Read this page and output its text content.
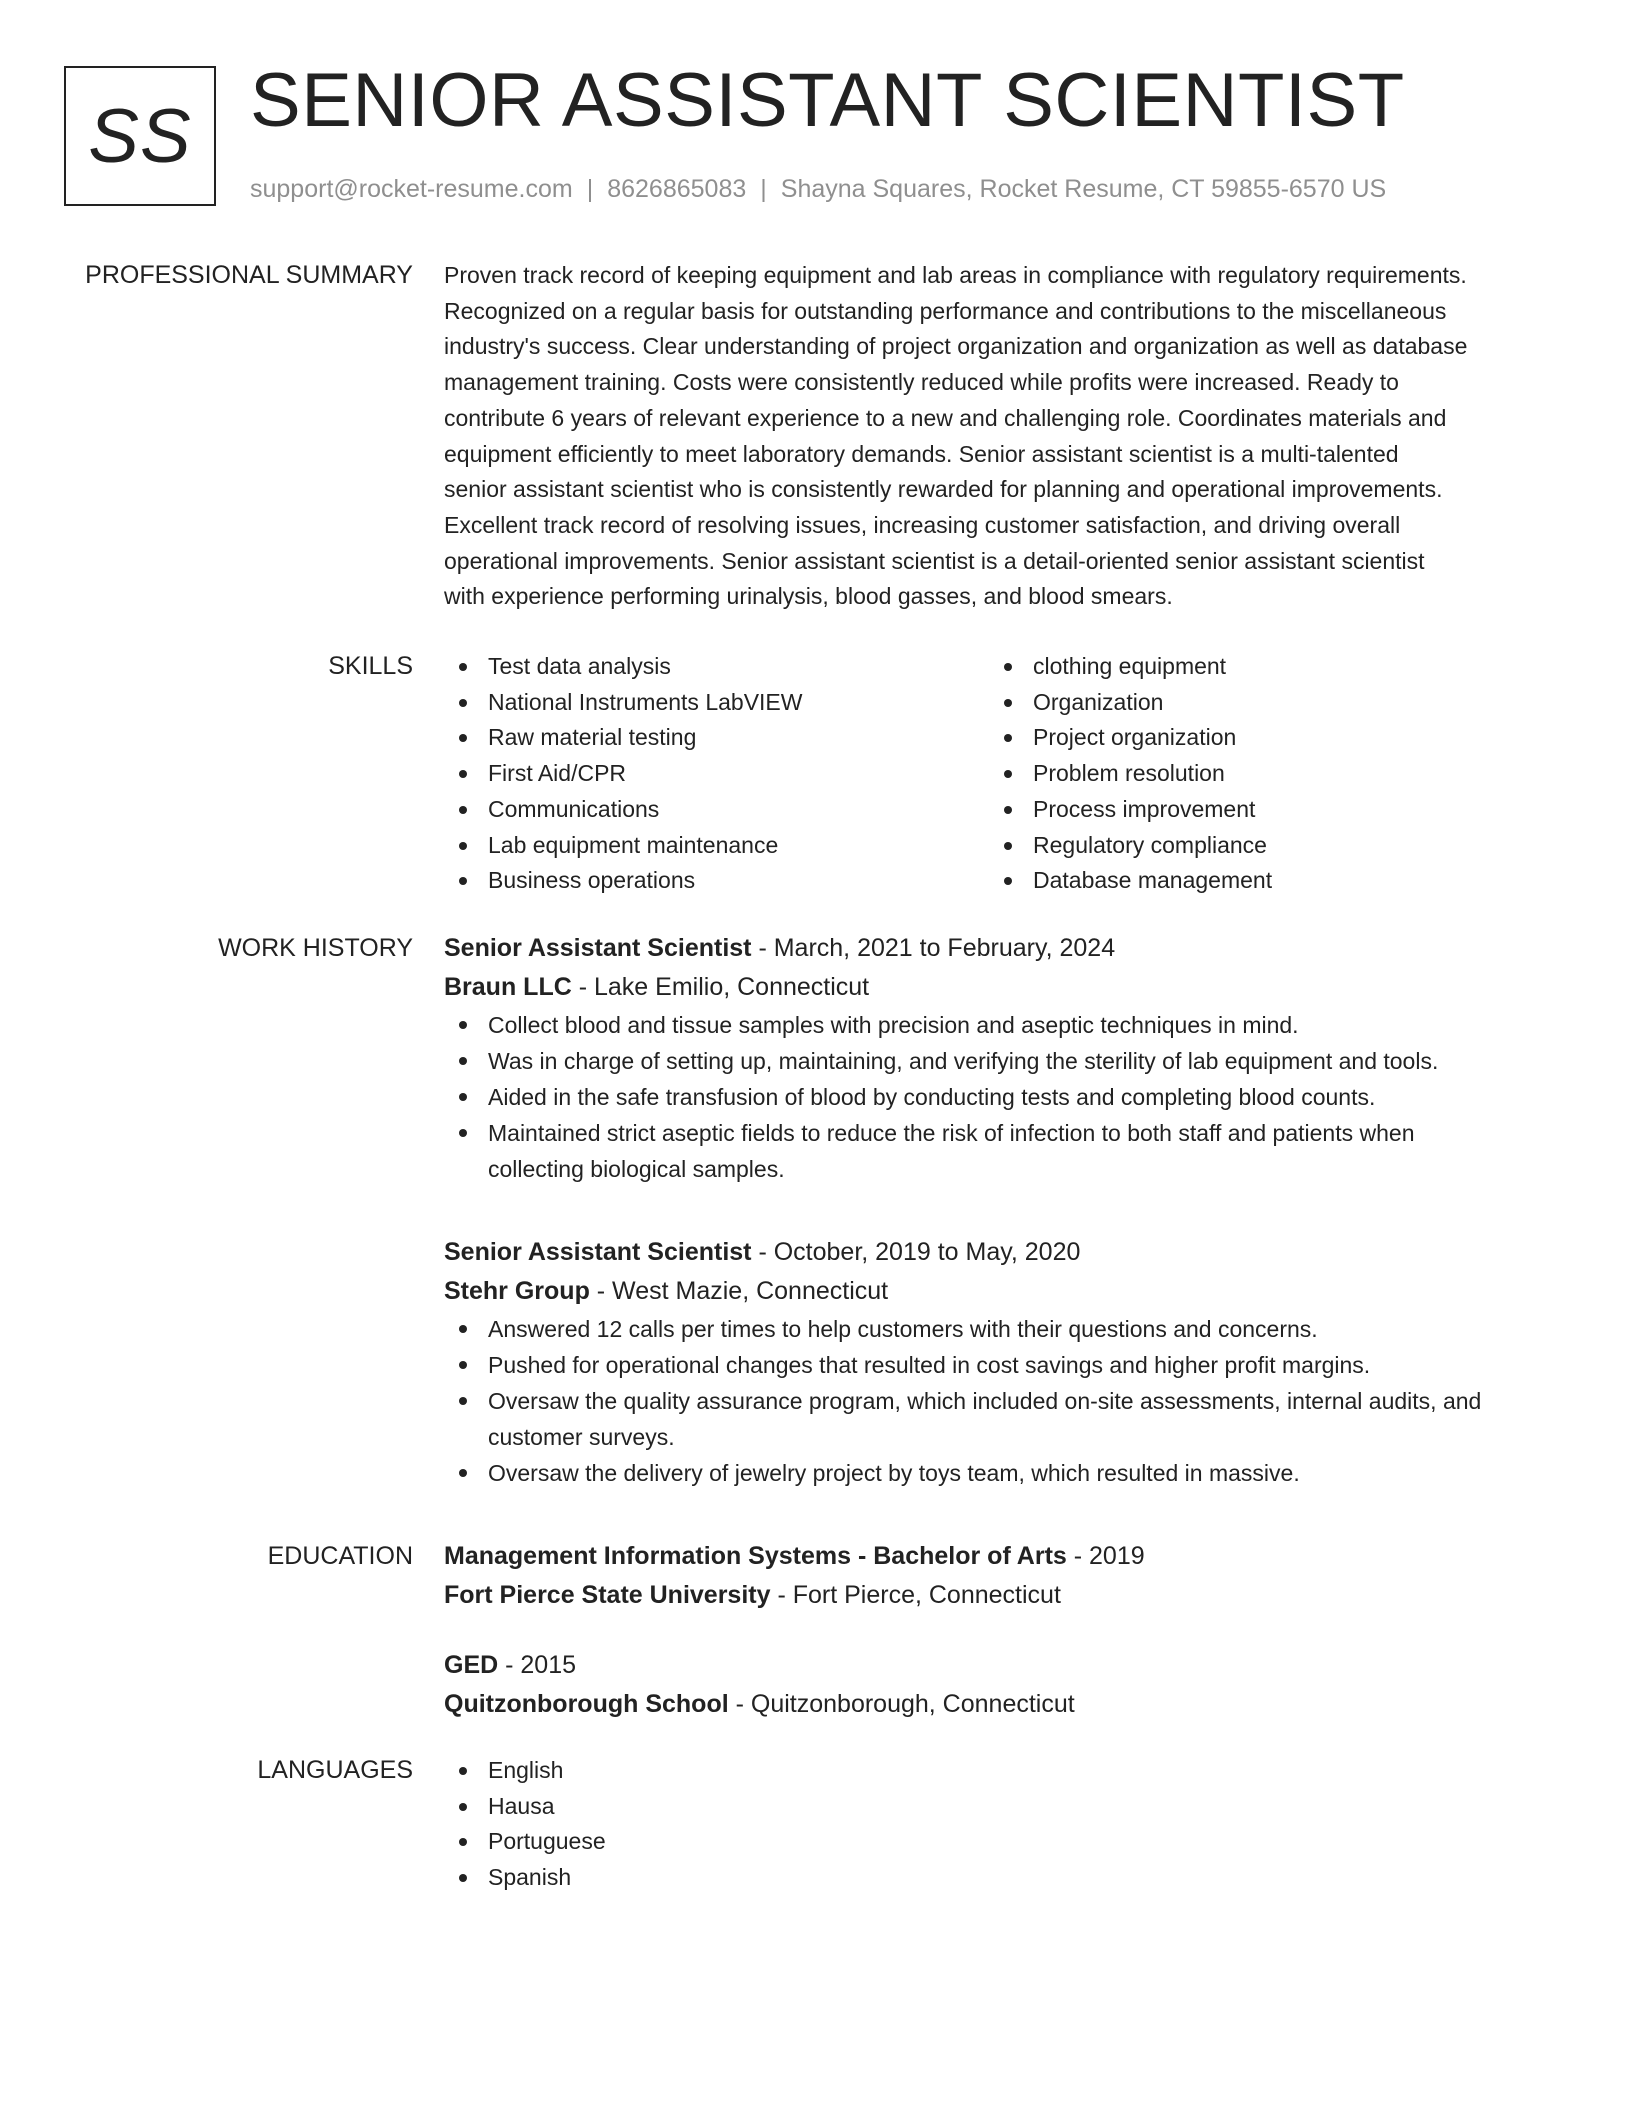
SS SENIOR ASSISTANT SCIENTIST
support@rocket-resume.com | 8626865083 | Shayna Squares, Rocket Resume, CT 59855-6570 US
PROFESSIONAL SUMMARY Proven track record of keeping equipment and lab areas in compliance with regulatory requirements.
Recognized on a regular basis for outstanding performance and contributions to the miscellaneous
industry's success. Clear understanding of project organization and organization as well as database
management training. Costs were consistently reduced while profits were increased. Ready to
contribute 6 years of relevant experience to a new and challenging role. Coordinates materials and
equipment efficiently to meet laboratory demands. Senior assistant scientist is a multi-talented
senior assistant scientist who is consistently rewarded for planning and operational improvements.
Excellent track record of resolving issues, increasing customer satisfaction, and driving overall
operational improvements. Senior assistant scientist is a detail-oriented senior assistant scientist
with experience performing urinalysis, blood gasses, and blood smears.
SKILLS	Test data analysis
National Instruments LabVIEW
Raw material testing
First Aid/CPR
Communications
Lab equipment maintenance
Business operations
clothing equipment
Organization
Project organization
Problem resolution
Process improvement
Regulatory compliance
Database management
WORK HISTORY Senior Assistant Scientist - March, 2021 to February, 2024
Braun LLC - Lake Emilio, Connecticut
Collect blood and tissue samples with precision and aseptic techniques in mind.
Was in charge of setting up, maintaining, and verifying the sterility of lab equipment and tools.
Aided in the safe transfusion of blood by conducting tests and completing blood counts.
Maintained strict aseptic fields to reduce the risk of infection to both staff and patients when
collecting biological samples.
Senior Assistant Scientist - October, 2019 to May, 2020
Stehr Group - West Mazie, Connecticut
Answered 12 calls per times to help customers with their questions and concerns.
Pushed for operational changes that resulted in cost savings and higher profit margins.
Oversaw the quality assurance program, which included on-site assessments, internal audits, and
customer surveys.
Oversaw the delivery of jewelry project by toys team, which resulted in massive.
EDUCATION Management Information Systems - Bachelor of Arts - 2019
Fort Pierce State University - Fort Pierce, Connecticut
GED - 2015
Quitzonborough School - Quitzonborough, Connecticut
LANGUAGES	English
Hausa
Portuguese
Spanish
